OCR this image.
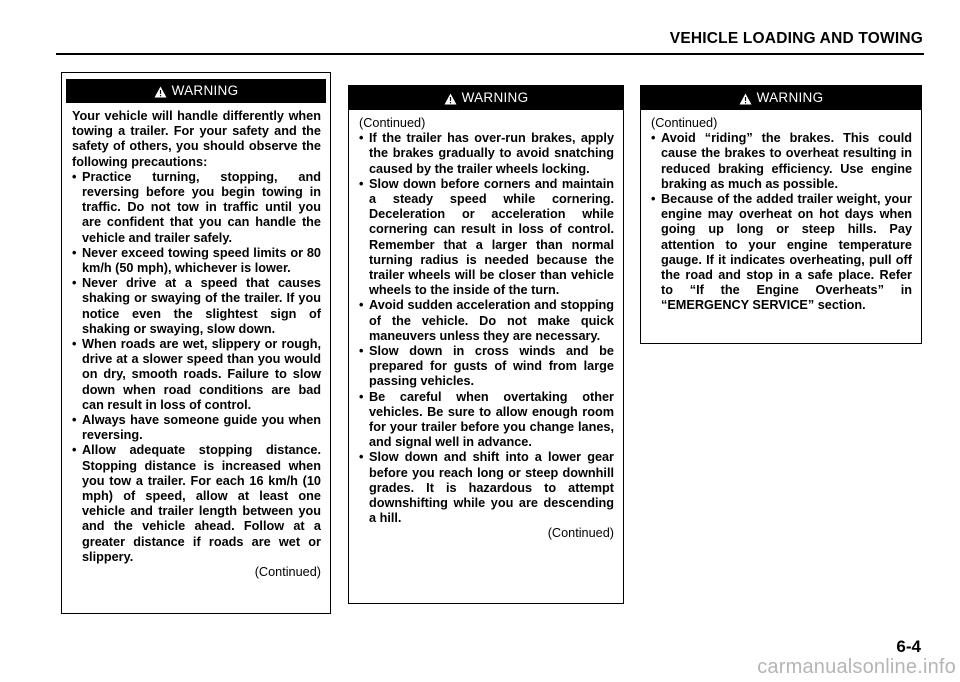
VEHICLE LOADING AND TOWING
WARNING

Your vehicle will handle differently when towing a trailer. For your safety and the safety of others, you should observe the following precautions:

• Practice turning, stopping, and reversing before you begin towing in traffic. Do not tow in traffic until you are confident that you can handle the vehicle and trailer safely.
• Never exceed towing speed limits or 80 km/h (50 mph), whichever is lower.
• Never drive at a speed that causes shaking or swaying of the trailer. If you notice even the slightest sign of shaking or swaying, slow down.
• When roads are wet, slippery or rough, drive at a slower speed than you would on dry, smooth roads. Failure to slow down when road conditions are bad can result in loss of control.
• Always have someone guide you when reversing.
• Allow adequate stopping distance. Stopping distance is increased when you tow a trailer. For each 16 km/h (10 mph) of speed, allow at least one vehicle and trailer length between you and the vehicle ahead. Follow at a greater distance if roads are wet or slippery.

(Continued)

WARNING

(Continued)

• If the trailer has over-run brakes, apply the brakes gradually to avoid snatching caused by the trailer wheels locking.
• Slow down before corners and maintain a steady speed while cornering. Deceleration or acceleration while cornering can result in loss of control. Remember that a larger than normal turning radius is needed because the trailer wheels will be closer than vehicle wheels to the inside of the turn.
• Avoid sudden acceleration and stopping of the vehicle. Do not make quick maneuvers unless they are necessary.
• Slow down in cross winds and be prepared for gusts of wind from large passing vehicles.
• Be careful when overtaking other vehicles. Be sure to allow enough room for your trailer before you change lanes, and signal well in advance.
• Slow down and shift into a lower gear before you reach long or steep downhill grades. It is hazardous to attempt downshifting while you are descending a hill.

(Continued)

WARNING

(Continued)

• Avoid “riding” the brakes. This could cause the brakes to overheat resulting in reduced braking efficiency. Use engine braking as much as possible.
• Because of the added trailer weight, your engine may overheat on hot days when going up long or steep hills. Pay attention to your engine temperature gauge. If it indicates overheating, pull off the road and stop in a safe place. Refer to “If the Engine Overheats” in “EMERGENCY SERVICE” section.
6-4
carmanualsonline.info
